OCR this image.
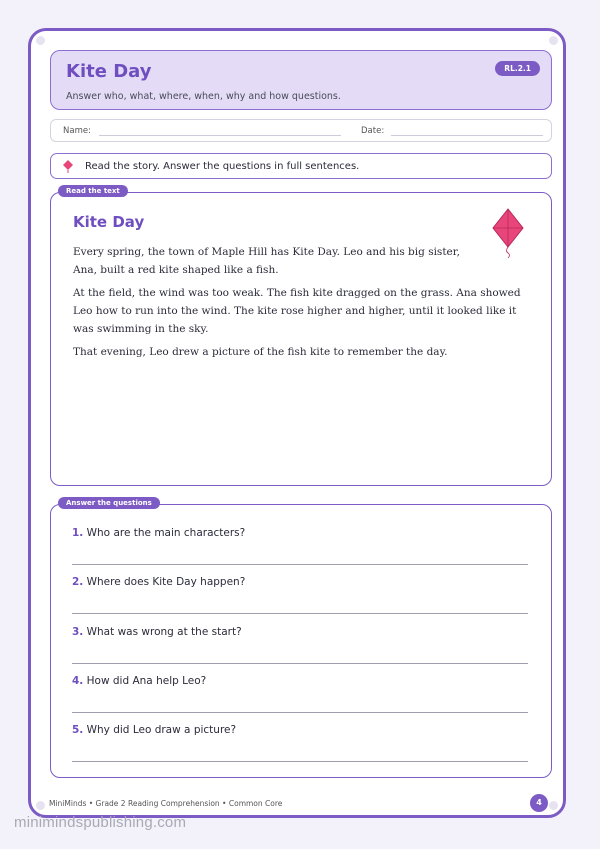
Kite Day
Answer who, what, where, when, why and how questions.
RL.2.1
Name:	Date:
Read the story. Answer the questions in full sentences.
Read the text
Kite Day

Every spring, the town of Maple Hill has Kite Day. Leo and his big sister,
Ana, built a red kite shaped like a fish.

At the field, the wind was too weak. The fish kite dragged on the grass. Ana showed
Leo how to run into the wind. The kite rose higher and higher, until it looked like it
was swimming in the sky.

That evening, Leo drew a picture of the fish kite to remember the day.

Answer the questions
1. Who are the main characters?
2. Where does Kite Day happen?
3. What was wrong at the start?
4. How did Ana help Leo?
5. Why did Leo draw a picture?
MiniMinds • Grade 2 Reading Comprehension • Common Core	4
minimindspublishing.com
